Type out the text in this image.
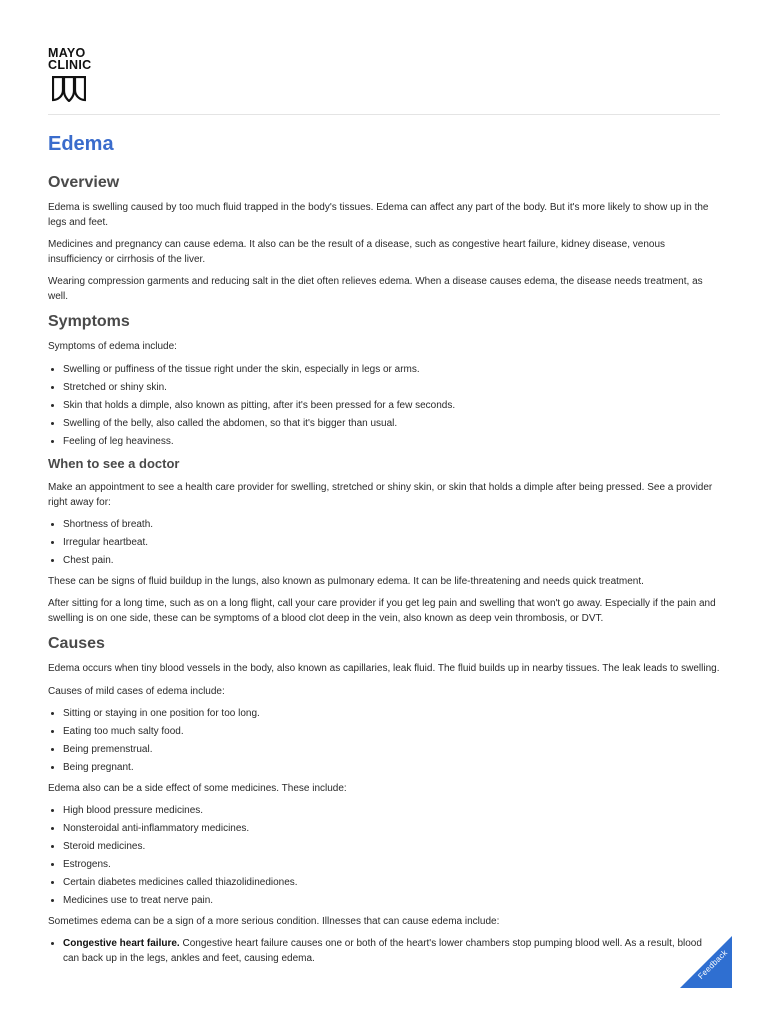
MAYO
CLINIC
Edema
Overview

Edema is swelling caused by too much fluid trapped in the body's tissues. Edema can affect any part of the body. But it's more likely to show up in the legs and feet.

Medicines and pregnancy can cause edema. It also can be the result of a disease, such as congestive heart failure, kidney disease, venous insufficiency or cirrhosis of the liver.

Wearing compression garments and reducing salt in the diet often relieves edema. When a disease causes edema, the disease needs treatment, as well.

Symptoms

Symptoms of edema include:

• Swelling or puffiness of the tissue right under the skin, especially in legs or arms.
• Stretched or shiny skin.
• Skin that holds a dimple, also known as pitting, after it's been pressed for a few seconds.
• Swelling of the belly, also called the abdomen, so that it's bigger than usual.
• Feeling of leg heaviness.
When to see a doctor

Make an appointment to see a health care provider for swelling, stretched or shiny skin, or skin that holds a dimple after being pressed. See a provider right away for:

• Shortness of breath.
• Irregular heartbeat.
• Chest pain.

These can be signs of fluid buildup in the lungs, also known as pulmonary edema. It can be life-threatening and needs quick treatment.

After sitting for a long time, such as on a long flight, call your care provider if you get leg pain and swelling that won't go away. Especially if the pain and swelling is on one side, these can be symptoms of a blood clot deep in the vein, also known as deep vein thrombosis, or DVT.

Causes

Edema occurs when tiny blood vessels in the body, also known as capillaries, leak fluid. The fluid builds up in nearby tissues. The leak leads to swelling.

Causes of mild cases of edema include:

• Sitting or staying in one position for too long.
• Eating too much salty food.
• Being premenstrual.
• Being pregnant.

Edema also can be a side effect of some medicines. These include:

• High blood pressure medicines.
• Nonsteroidal anti-inflammatory medicines.
• Steroid medicines.
• Estrogens.
• Certain diabetes medicines called thiazolidinediones.
• Medicines use to treat nerve pain.

Sometimes edema can be a sign of a more serious condition. Illnesses that can cause edema include:

• Congestive heart failure. Congestive heart failure causes one or both of the heart's lower chambers stop pumping blood well. As a result, blood can back up in the legs, ankles and feet, causing edema.	Feedback
